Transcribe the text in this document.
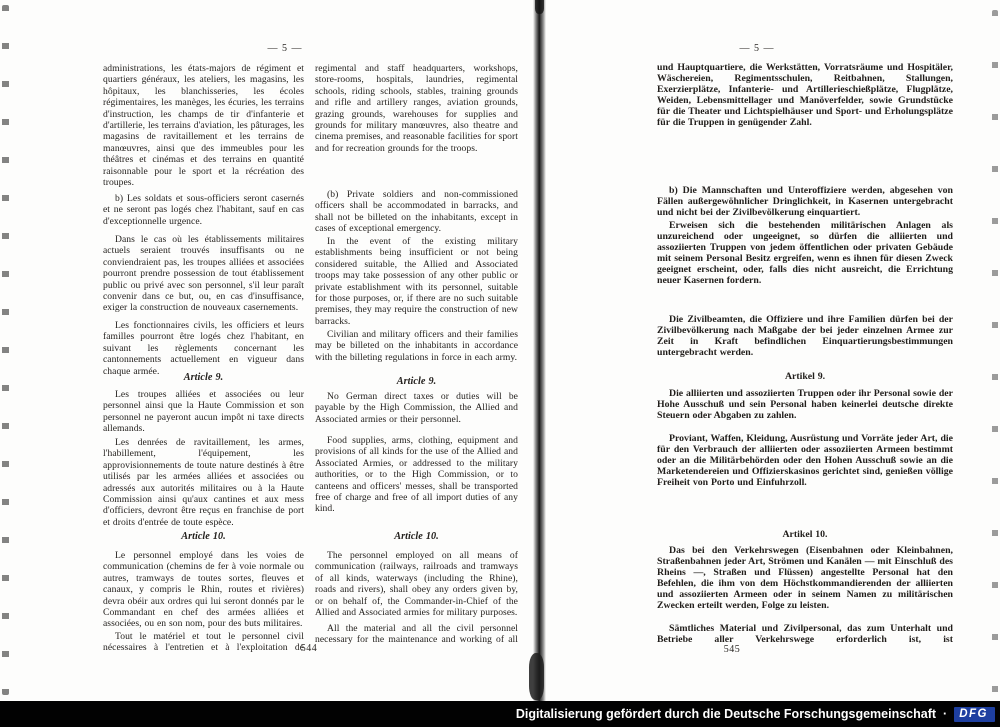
— 5 —	— 5 —

administrations, les états-majors de régiment et quartiers généraux, les ateliers, les magasins, les hôpitaux, les blanchisseries, les écoles régimentaires, les manèges, les écuries, les terrains d'instruction, les champs de tir d'infanterie et d'artillerie, les terrains d'aviation, les pâturages, les magasins de ravitaillement et les terrains de manœuvres, ainsi que des immeubles pour les théâtres et cinémas et des terrains en quantité raisonnable pour le sport et la récréation des troupes.

b) Les soldats et sous-officiers seront casernés et ne seront pas logés chez l'habitant, sauf en cas d'exceptionnelle urgence.

Dans le cas où les établissements militaires actuels seraient trouvés insuffisants ou ne conviendraient pas, les troupes alliées et associées pourront prendre possession de tout établissement public ou privé avec son personnel, s'il leur paraît convenir dans ce but, ou, en cas d'insuffisance, exiger la construction de nouveaux casernements.

Les fonctionnaires civils, les officiers et leurs familles pourront être logés chez l'habitant, en suivant les règlements concernant les cantonnements actuellement en vigueur dans chaque armée.

Article 9.

Les troupes alliées et associées ou leur personnel ainsi que la Haute Commission et son personnel ne payeront aucun impôt ni taxe directs allemands.

Les denrées de ravitaillement, les armes, l'habillement, l'équipement, les approvisionnements de toute nature destinés à être utilisés par les armées alliées et associées ou adressés aux autorités militaires ou à la Haute Commission ainsi qu'aux cantines et aux mess d'officiers, devront être reçus en franchise de port et droits d'entrée de toute espèce.

Article 10.

Le personnel employé dans les voies de communication (chemins de fer à voie normale ou autres, tramways de toutes sortes, fleuves et canaux, y compris le Rhin, routes et rivières) devra obéir aux ordres qui lui seront donnés par le Commandant en chef des armées alliées et associées, ou en son nom, pour des buts militaires.

Tout le matériel et tout le personnel civil nécessaires à l'entretien et à l'exploitation de

regimental and staff headquarters, workshops, store-rooms, hospitals, laundries, regimental schools, riding schools, stables, training grounds and rifle and artillery ranges, aviation grounds, grazing grounds, warehouses for supplies and grounds for military manœuvres, also theatre and cinema premises, and reasonable facilities for sport and for recreation grounds for the troops.

(b) Private soldiers and non-commissioned officers shall be accommodated in barracks, and shall not be billeted on the inhabitants, except in cases of exceptional emergency.

In the event of the existing military establishments being insufficient or not being considered suitable, the Allied and Associated troops may take possession of any other public or private establishment with its personnel, suitable for those purposes, or, if there are no such suitable premises, they may require the construction of new barracks.

Civilian and military officers and their families may be billeted on the inhabitants in accordance with the billeting regulations in force in each army.

Article 9.

No German direct taxes or duties will be payable by the High Commission, the Allied and Associated armies or their personnel.

Food supplies, arms, clothing, equipment and provisions of all kinds for the use of the Allied and Associated Armies, or addressed to the military authorities, or to the High Commission, or to canteens and officers' messes, shall be transported free of charge and free of all import duties of any kind.

Article 10.

The personnel employed on all means of communication (railways, railroads and tramways of all kinds, waterways (including the Rhine), roads and rivers), shall obey any orders given by, or on behalf of, the Commander-in-Chief of the Allied and Associated armies for military purposes.

All the material and all the civil personnel necessary for the maintenance and working of all

und Hauptquartiere, die Werkstätten, Vorratsräume und Hospitäler, Wäschereien, Regimentsschulen, Reitbahnen, Stallungen, Exerzierplätze, Infanterie- und Artillerieschießplätze, Flugplätze, Weiden, Lebensmittellager und Manöverfelder, sowie Grundstücke für die Theater und Lichtspielhäuser und Sport- und Erholungsplätze für die Truppen in genügender Zahl.

b) Die Mannschaften und Unteroffiziere werden, abgesehen von Fällen außergewöhnlicher Dringlichkeit, in Kasernen untergebracht und nicht bei der Zivilbevölkerung einquartiert.

Erweisen sich die bestehenden militärischen Anlagen als unzureichend oder ungeeignet, so dürfen die alliierten und assoziierten Truppen von jedem öffentlichen oder privaten Gebäude mit seinem Personal Besitz ergreifen, wenn es ihnen für diesen Zweck geeignet erscheint, oder, falls dies nicht ausreicht, die Errichtung neuer Kasernen fordern.

Die Zivilbeamten, die Offiziere und ihre Familien dürfen bei der Zivilbevölkerung nach Maßgabe der bei jeder einzelnen Armee zur Zeit in Kraft befindlichen Einquartierungsbestimmungen untergebracht werden.

Artikel 9.

Die alliierten und assoziierten Truppen oder ihr Personal sowie der Hohe Ausschuß und sein Personal haben keinerlei deutsche direkte Steuern oder Abgaben zu zahlen.

Proviant, Waffen, Kleidung, Ausrüstung und Vorräte jeder Art, die für den Verbrauch der alliierten oder assoziierten Armeen bestimmt oder an die Militärbehörden oder den Hohen Ausschuß sowie an die Marketendereien und Offizierskasinos gerichtet sind, genießen völlige Freiheit von Porto und Einfuhrzoll.

Artikel 10.

Das bei den Verkehrswegen (Eisenbahnen oder Kleinbahnen, Straßenbahnen jeder Art, Strömen und Kanälen — mit Einschluß des Rheins —, Straßen und Flüssen) angestellte Personal hat den Befehlen, die ihm von dem Höchstkommandierenden der alliierten und assoziierten Armeen oder in seinem Namen zu militärischen Zwecken erteilt werden, Folge zu leisten.

Sämtliches Material und Zivilpersonal, das zum Unterhalt und Betriebe aller Verkehrswege erforderlich ist, ist

544	545
Digitalisierung gefördert durch die Deutsche Forschungsgemeinschaft ·	DFG
